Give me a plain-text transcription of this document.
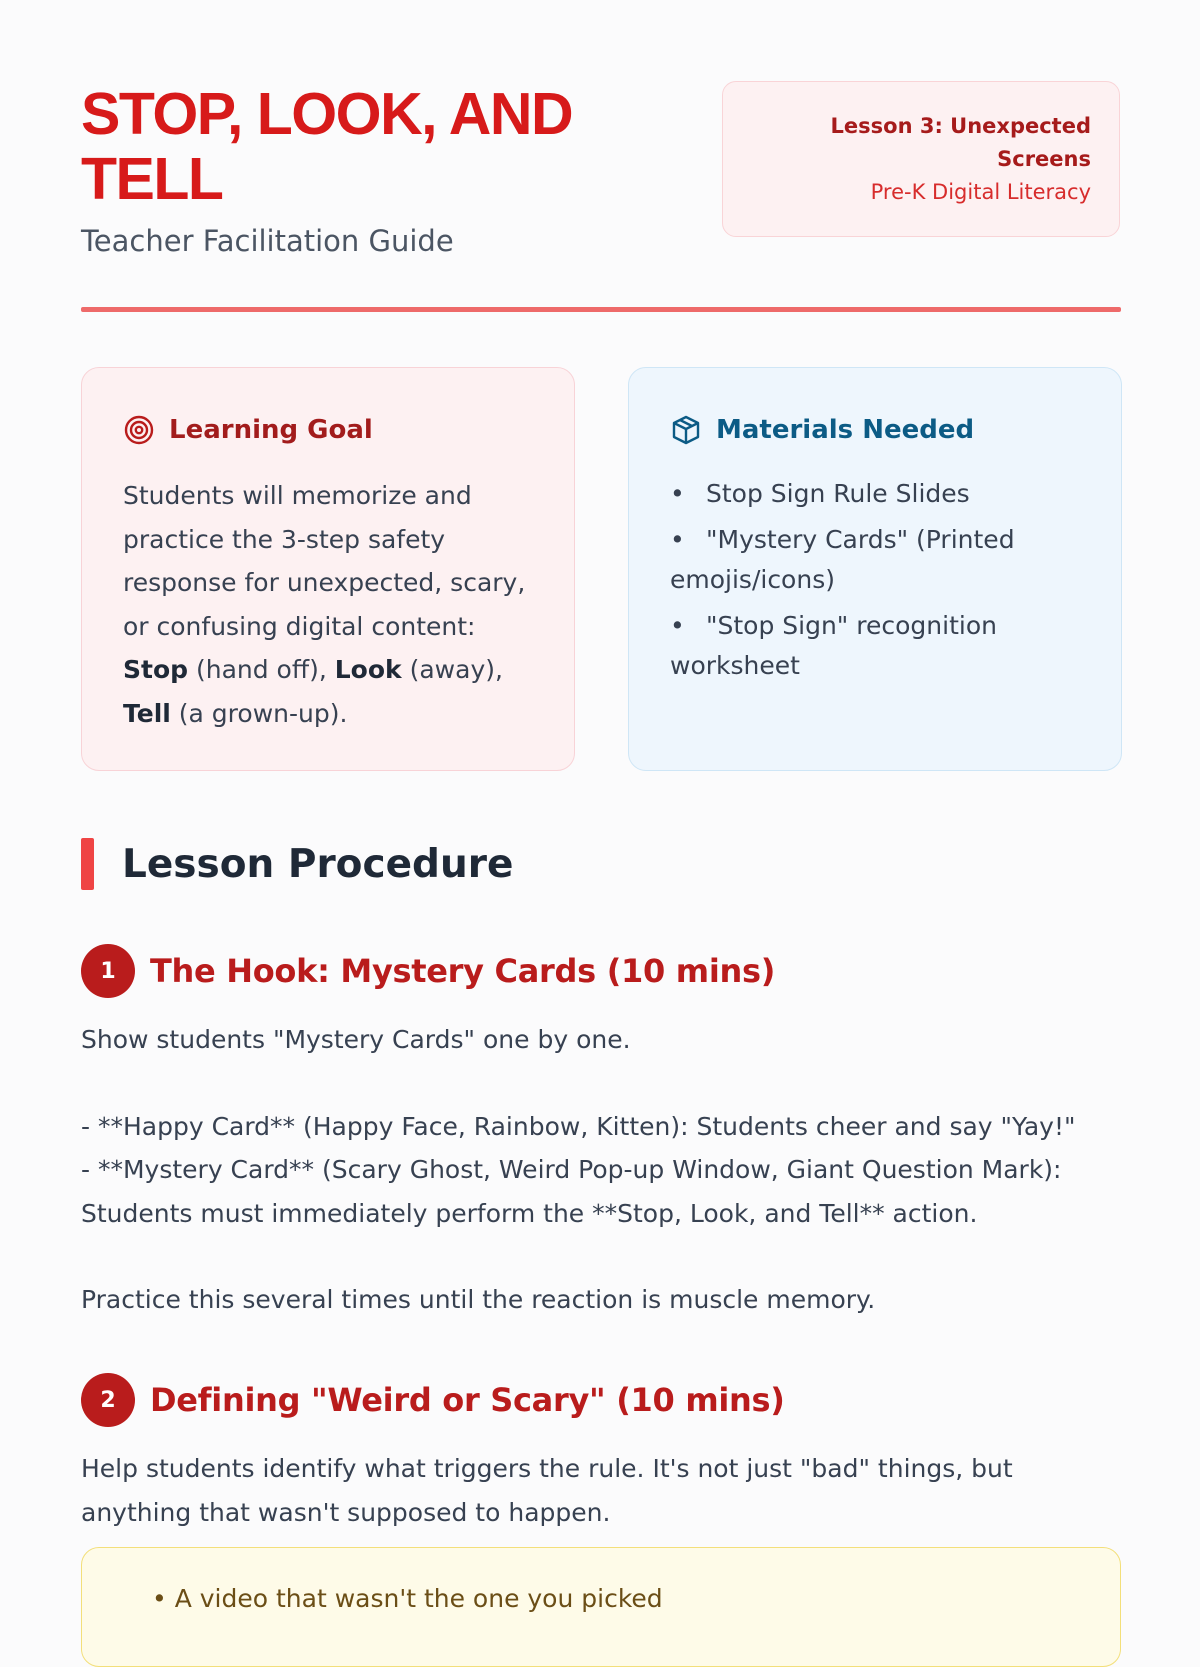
STOP, LOOK, AND TELL
Teacher Facilitation Guide
Lesson 3: Unexpected Screens
Pre-K Digital Literacy
Learning Goal
Students will memorize and practice the 3-step safety response for unexpected, scary, or confusing digital content: Stop (hand off), Look (away), Tell (a grown-up).
Materials Needed
• Stop Sign Rule Slides
• "Mystery Cards" (Printed emojis/icons)
• "Stop Sign" recognition worksheet
Lesson Procedure
1	The Hook: Mystery Cards (10 mins)

Show students "Mystery Cards" one by one.

- **Happy Card** (Happy Face, Rainbow, Kitten): Students cheer and say "Yay!"

- **Mystery Card** (Scary Ghost, Weird Pop-up Window, Giant Question Mark): Students must immediately perform the **Stop, Look, and Tell** action.

Practice this several times until the reaction is muscle memory.

2	Defining "Weird or Scary" (10 mins)

Help students identify what triggers the rule. It's not just "bad" things, but anything that wasn't supposed to happen.

• A video that wasn't the one you picked
